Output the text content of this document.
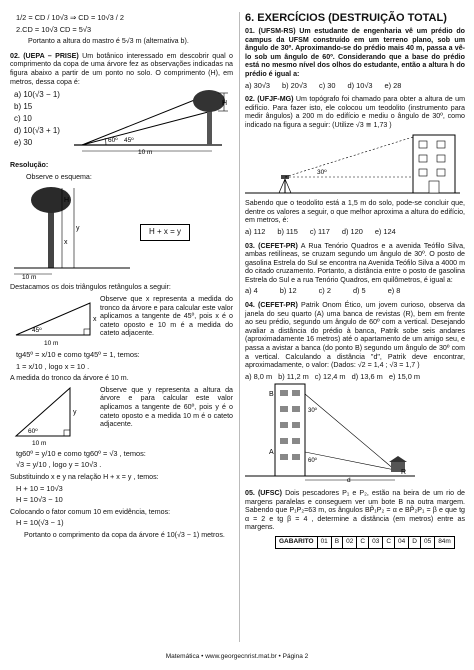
1/2 = CD / 10√3 ⇒ CD = 10√3 / 2

2.CD = 10√3 CD = 5√3

Portanto a altura do mastro é 5√3 m (alternativa b).

02. (UEPA – PRISE) Um botânico interessado em descobrir qual o comprimento da copa de uma árvore fez as observações indicadas na figura abaixo a partir de um ponto no solo. O comprimento (H), em metros, dessa copa é:

a) 10(√3 − 1)
b) 15
c) 10
d) 10(√3 + 1)
e) 30
H
60º 45º
10 m

Resolução:

Observe o esquema:

H
y
x
10 m
H + x = y

Destacamos os dois triângulos retângulos a seguir:

45º
x
10 m

Observe que x representa a medida do tronco da árvore e para calcular este valor aplicamos a tangente de 45º, pois x é o cateto oposto e 10 m é a medida do cateto adjacente.

tg45º = x/10 e como tg45º = 1, temos:

1 = x/10 , logo x = 10 .

A medida do tronco da árvore é 10 m.

60º
y
10 m

Observe que y representa a altura da árvore e para calcular este valor aplicamos a tangente de 60º, pois y é o cateto oposto e a medida 10 m é o cateto adjacente.

tg60º = y/10 e como tg60º = √3 , temos:

√3 = y/10 , logo y = 10√3 .

Substituindo x e y na relação H + x = y , temos:

H + 10 = 10√3

H = 10√3 − 10

Colocando o fator comum 10 em evidência, temos:

H = 10(√3 − 1)

Portanto o comprimento da copa da árvore é 10(√3 − 1) metros.

6. EXERCÍCIOS (DESTRUIÇÃO TOTAL)

01. (UFSM-RS) Um estudante de engenharia vê um prédio do campus da UFSM construído em um terreno plano, sob um ângulo de 30º. Aproximando-se do prédio mais 40 m, passa a vê-lo sob um ângulo de 60º. Considerando que a base do prédio está no mesmo nível dos olhos do estudante, então a altura h do prédio é igual a:

a) 30√3 b) 20√3 c) 30 d) 10√3 e) 28

02. (UFJF-MG) Um topógrafo foi chamado para obter a altura de um edifício. Para fazer isto, ele colocou um teodolito (instrumento para medir ângulos) a 200 m do edifício e mediu o ângulo de 30º, como indicado na figura a seguir: (Utilize √3 ≅ 1,73 )

30º

Sabendo que o teodolito está a 1,5 m do solo, pode-se concluir que, dentre os valores a seguir, o que melhor aproxima a altura do edifício, em metros, é:

a) 112 b) 115 c) 117 d) 120 e) 124

03. (CEFET-PR) A Rua Tenório Quadros e a avenida Teófilo Silva, ambas retilíneas, se cruzam segundo um ângulo de 30º. O posto de gasolina Estrela do Sul se encontra na Avenida Teófilo Silva a 4000 m do citado cruzamento. Portanto, a distância entre o posto de gasolina Estrela do Sul e a rua Tenório Quadros, em quilômetros, é igual a:

a) 4	b) 12	c) 2	d) 5	e) 8

04. (CEFET-PR) Patrik Onom Ético, um jovem curioso, observa da janela do seu quarto (A) uma banca de revistas (R), bem em frente ao seu prédio, segundo um ângulo de 60º com a vertical. Desejando avaliar a distância do prédio à banca, Patrik sobe seis andares (aproximadamente 16 metros) até o apartamento de um amigo seu, e passa a avistar a banca (do ponto B) segundo um ângulo de 30º com a vertical. Calculando a distância "d", Patrik deve encontrar, aproximadamente, o valor: (Dados: √2 = 1,4 ; √3 = 1,7 )

a) 8,0 m b) 11,2 m c) 12,4 m d) 13,6 m e) 15,0 m
B
A
30º
60º
R
d

05. (UFSC) Dois pescadores P₁ e P₂, estão na beira de um rio de margens paralelas e conseguem ver um bote B na outra margem. Sabendo que P₁P₂=63 m, os ângulos BP̂₁P₂ = α e BP̂₂P₁ = β e que tg α = 2 e tg β = 4 , determine a distância (em metros) entre as margens.

GABARITO	01	B	02	C	03	C	04	D	05	84m
Matemática • www.georgecnrist.mat.br • Página 2
